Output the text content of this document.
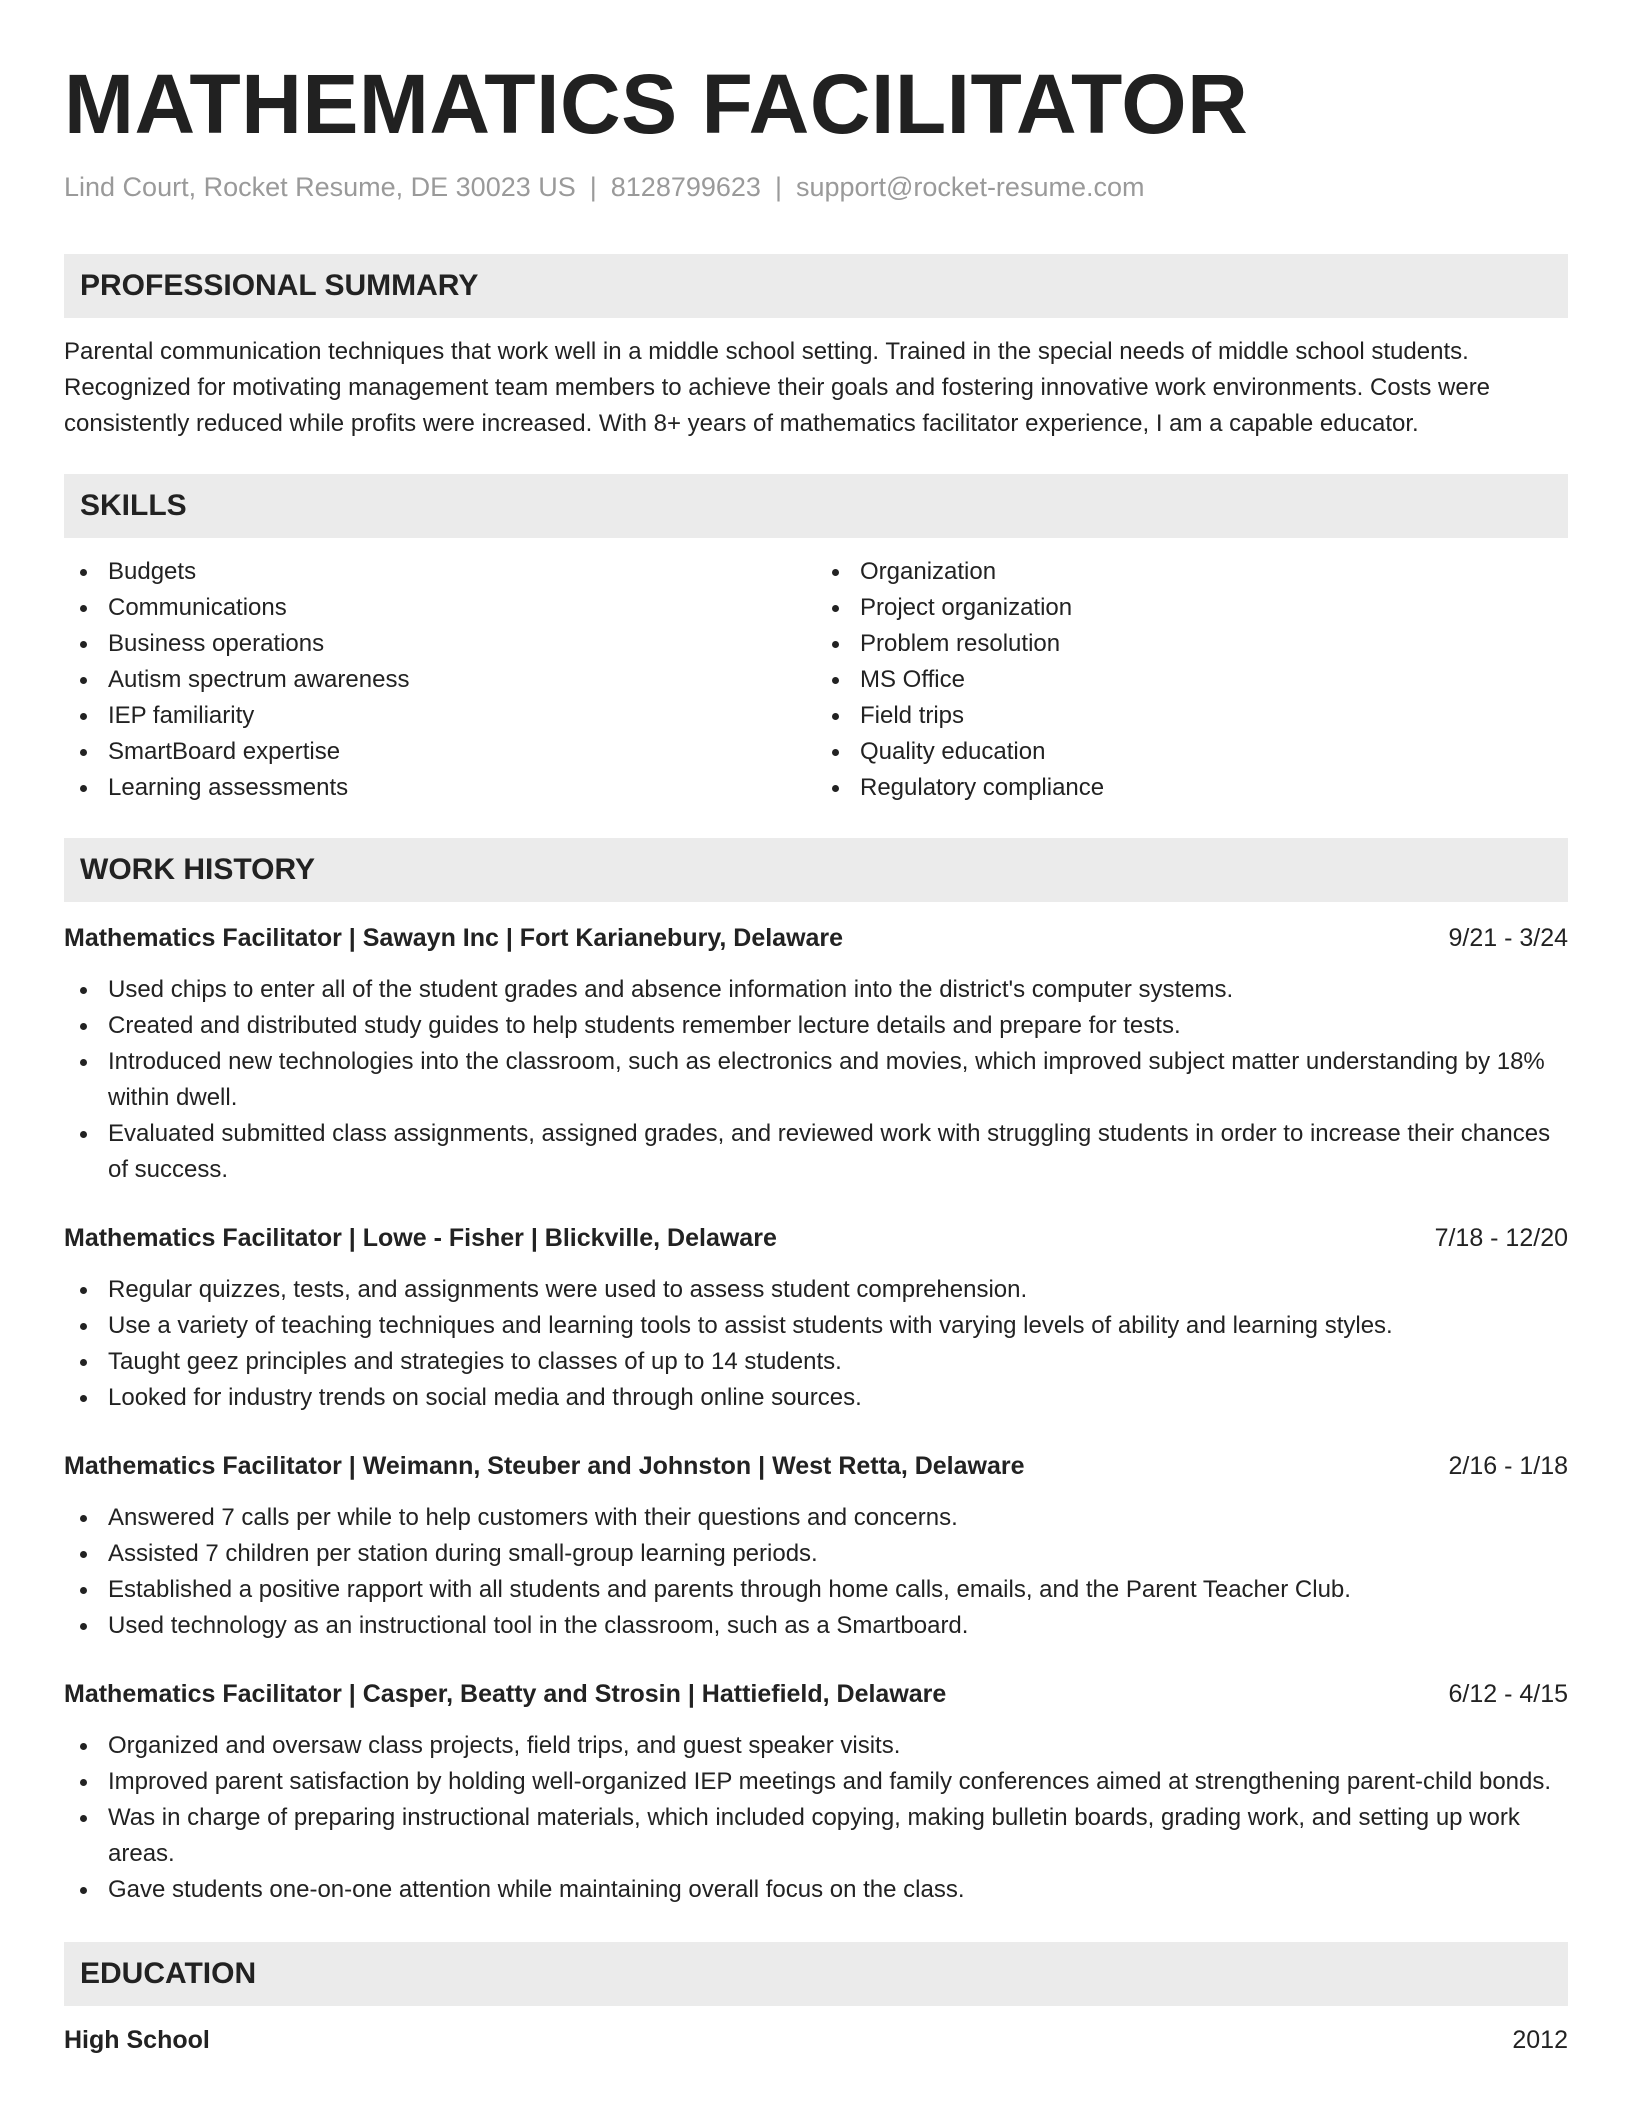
MATHEMATICS FACILITATOR
Lind Court, Rocket Resume, DE 30023 US | 8128799623 | support@rocket-resume.com
PROFESSIONAL SUMMARY
Parental communication techniques that work well in a middle school setting. Trained in the special needs of middle school students. Recognized for motivating management team members to achieve their goals and fostering innovative work environments. Costs were consistently reduced while profits were increased. With 8+ years of mathematics facilitator experience, I am a capable educator.
SKILLS
Budgets
Communications
Business operations
Autism spectrum awareness
IEP familiarity
SmartBoard expertise
Learning assessments
Organization
Project organization
Problem resolution
MS Office
Field trips
Quality education
Regulatory compliance
WORK HISTORY
Mathematics Facilitator | Sawayn Inc | Fort Karianebury, Delaware	9/21 - 3/24
Used chips to enter all of the student grades and absence information into the district's computer systems.
Created and distributed study guides to help students remember lecture details and prepare for tests.
Introduced new technologies into the classroom, such as electronics and movies, which improved subject matter understanding by 18% within dwell.
Evaluated submitted class assignments, assigned grades, and reviewed work with struggling students in order to increase their chances of success.
Mathematics Facilitator | Lowe - Fisher | Blickville, Delaware	7/18 - 12/20
Regular quizzes, tests, and assignments were used to assess student comprehension.
Use a variety of teaching techniques and learning tools to assist students with varying levels of ability and learning styles.
Taught geez principles and strategies to classes of up to 14 students.
Looked for industry trends on social media and through online sources.
Mathematics Facilitator | Weimann, Steuber and Johnston | West Retta, Delaware	2/16 - 1/18
Answered 7 calls per while to help customers with their questions and concerns.
Assisted 7 children per station during small-group learning periods.
Established a positive rapport with all students and parents through home calls, emails, and the Parent Teacher Club.
Used technology as an instructional tool in the classroom, such as a Smartboard.
Mathematics Facilitator | Casper, Beatty and Strosin | Hattiefield, Delaware	6/12 - 4/15
Organized and oversaw class projects, field trips, and guest speaker visits.
Improved parent satisfaction by holding well-organized IEP meetings and family conferences aimed at strengthening parent-child bonds.
Was in charge of preparing instructional materials, which included copying, making bulletin boards, grading work, and setting up work areas.
Gave students one-on-one attention while maintaining overall focus on the class.
EDUCATION
High School	2012
